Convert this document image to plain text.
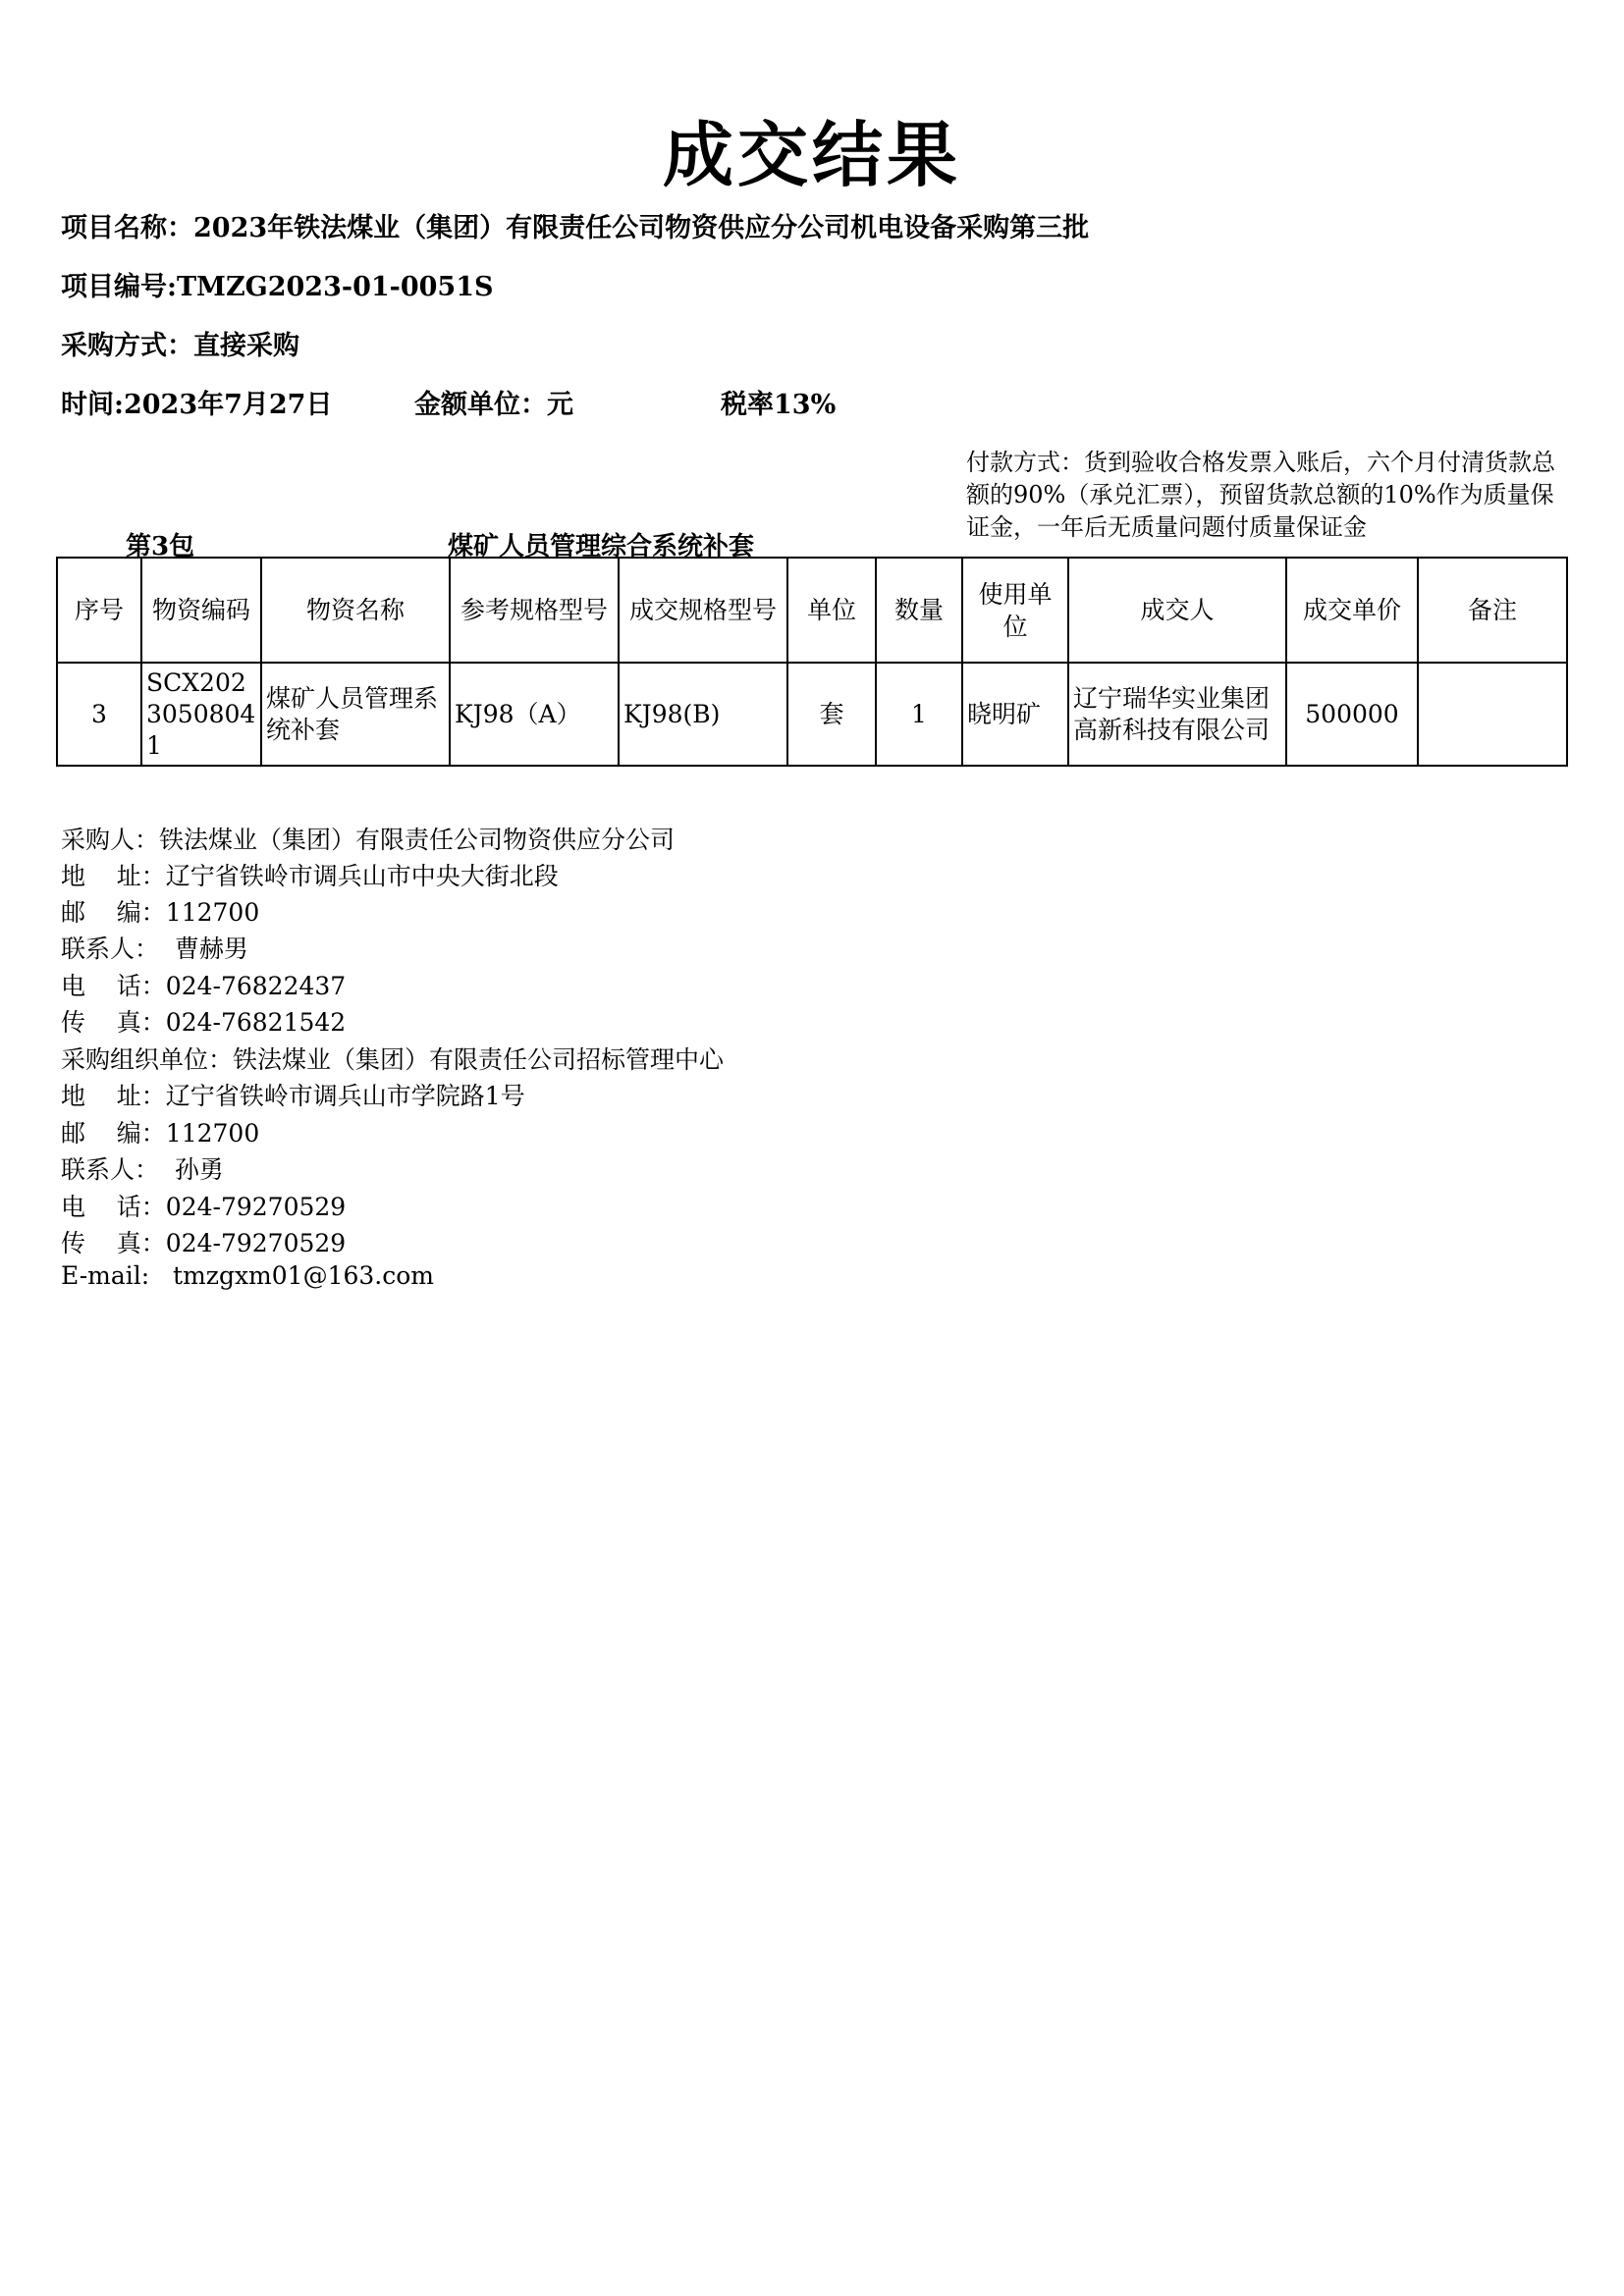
成交结果
项目名称：2023年铁法煤业（集团）有限责任公司物资供应分公司机电设备采购第三批
项目编号:TMZG2023-01-0051S
采购方式：直接采购
时间:2023年7月27日	金额单位：元	税率13%
付款方式：货到验收合格发票入账后，六个月付清货款总额的90%（承兑汇票），预留货款总额的10%作为质量保证金，一年后无质量问题付质量保证金
第3包	煤矿人员管理综合系统补套
序号	物资编码	物资名称	参考规格型号	成交规格型号	单位	数量	使用单位	成交人	成交单价	备注
3	SCX20230508041	煤矿人员管理系统补套	KJ98（A）	KJ98(B)	套	1	晓明矿	辽宁瑞华实业集团高新科技有限公司	500000	
采购人：铁法煤业（集团）有限责任公司物资供应分公司
地    址：辽宁省铁岭市调兵山市中央大街北段
邮    编：112700
联系人：  曹赫男
电    话：024-76822437
传    真：024-76821542
采购组织单位：铁法煤业（集团）有限责任公司招标管理中心
地    址：辽宁省铁岭市调兵山市学院路1号
邮    编：112700
联系人：  孙勇
电    话：024-79270529
传    真：024-79270529
E-mail:   tmzgxm01@163.com
